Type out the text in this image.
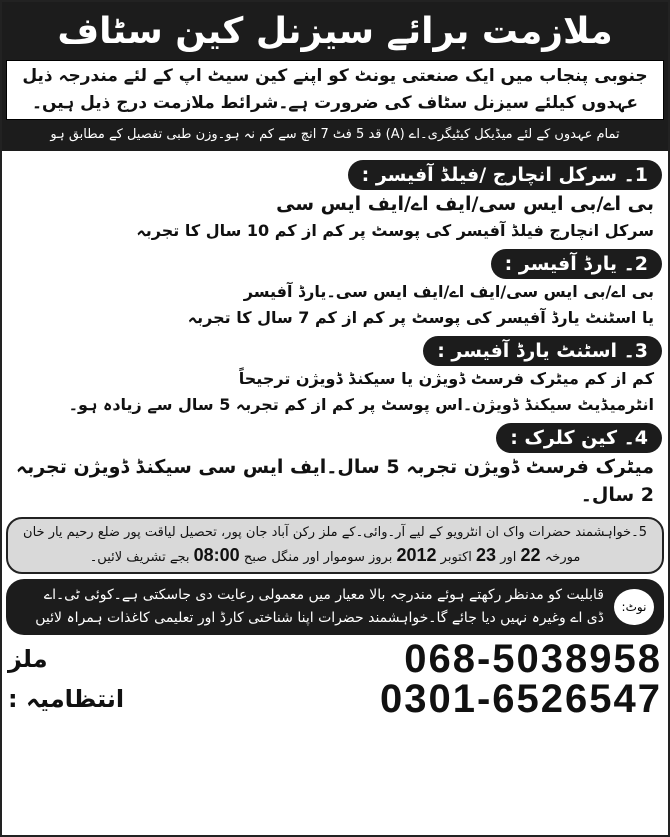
ملازمت برائے سیزنل کین سٹاف
جنوبی پنجاب میں ایک صنعتی یونٹ کو اپنے کین سیٹ اپ کے لئے مندرجہ ذیل
عہدوں کیلئے سیزنل سٹاف کی ضرورت ہے۔شرائط ملازمت درج ذیل ہیں۔
تمام عہدوں کے لئے میڈیکل کیٹیگری۔اے (A) قد 5 فٹ 7 انچ سے کم نہ ہو۔وزن طبی تفصیل کے مطابق ہو
1۔ سرکل انچارج /فیلڈ آفیسر :
بی اے/بی ایس سی/ایف اے/ایف ایس سی
سرکل انچارج فیلڈ آفیسر کی پوسٹ پر کم از کم 10 سال کا تجربہ
2۔ یارڈ آفیسر :
بی اے/بی ایس سی/ایف اے/ایف ایس سی۔یارڈ آفیسر
یا اسٹنٹ یارڈ آفیسر کی پوسٹ پر کم از کم 7 سال کا تجربہ
3۔ اسٹنٹ یارڈ آفیسر :
کم از کم میٹرک فرسٹ ڈویژن یا سیکنڈ ڈویژن ترجیحاً
انٹرمیڈیٹ سیکنڈ ڈویژن۔اس پوسٹ پر کم از کم تجربہ 5 سال سے زیادہ ہو۔
4۔ کین کلرک :
میٹرک فرسٹ ڈویژن تجربہ 5 سال۔ایف ایس سی سیکنڈ ڈویژن تجربہ 2 سال۔
5۔خواہشمند حضرات واک ان انٹرویو کے لیے آر۔وائی۔کے ملز رکن آباد جان پور، تحصیل لیاقت پور ضلع رحیم یار خان
مورخہ 22 اور 23 اکتوبر 2012 بروز سوموار اور منگل صبح 08:00 بجے تشریف لائیں۔
نوٹ:
قابلیت کو مدنظر رکھتے ہوئے مندرجہ بالا معیار میں معمولی رعایت دی جاسکتی ہے۔کوئی ٹی۔اے
ڈی اے وغیرہ نہیں دیا جائے گا۔خواہشمند حضرات اپنا شناختی کارڈ اور تعلیمی کاغذات ہمراہ لائیں
ملز	068-5038958
انتظامیہ :	0301-6526547
